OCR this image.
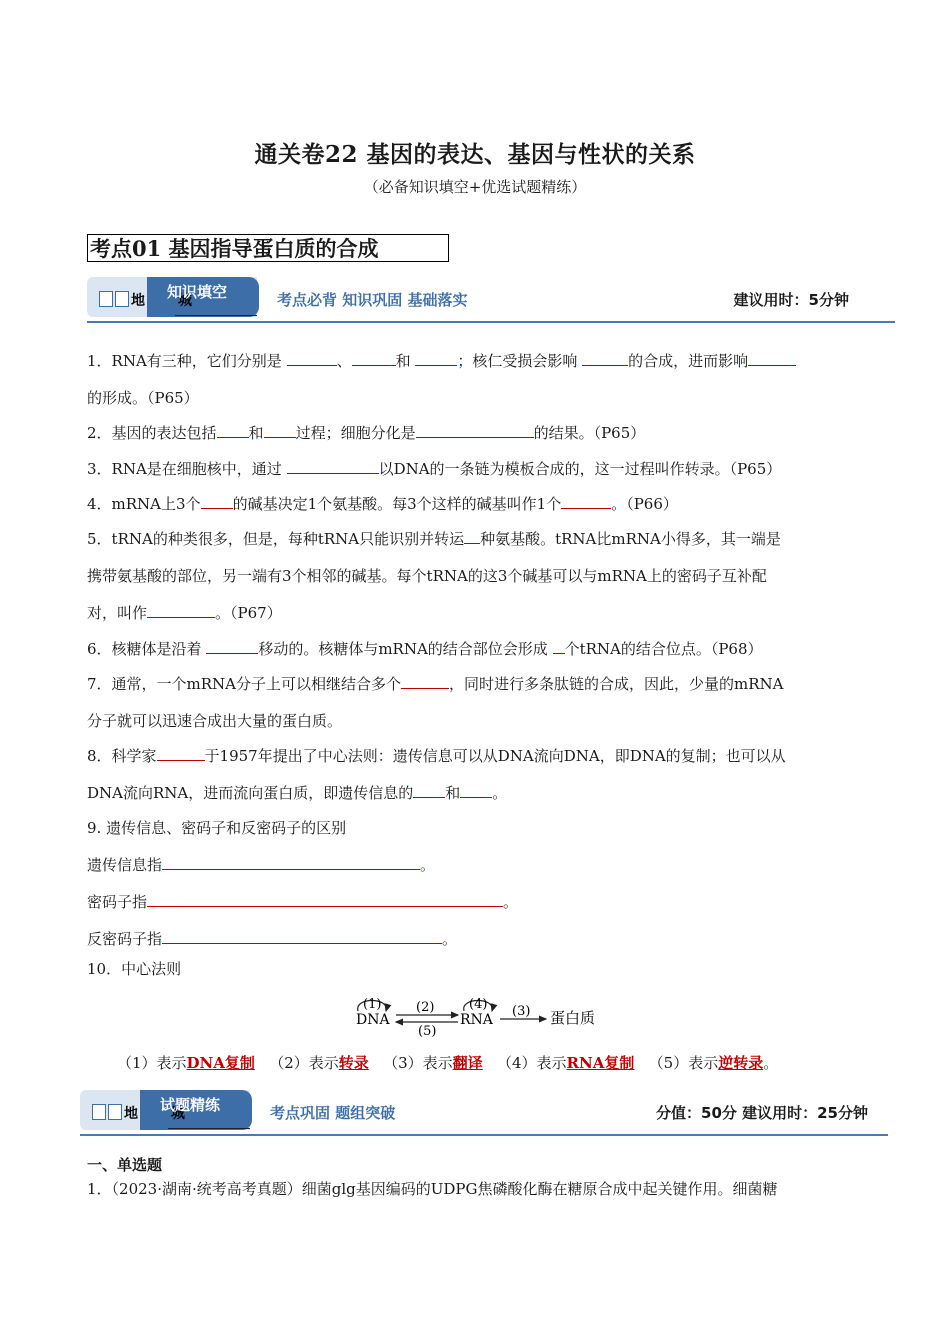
通关卷22 基因的表达、基因与性状的关系
（必备知识填空+优选试题精练）
考点01 基因指导蛋白质的合成
地 城
知识填空	考点必背 知识巩固 基础落实	建议用时：5分钟
1．RNA有三种，它们分别是	、	和	；核仁受损会影响	的合成，进而影响
的形成。（P65）
2．基因的表达包括 和 过程；细胞分化是	的结果。（P65）
3．RNA是在细胞核中，通过	以DNA的一条链为模板合成的，这一过程叫作转录。（P65）
4．mRNA上3个 的碱基决定1个氨基酸。每3个这样的碱基叫作1个	。（P66）
5．tRNA的种类很多，但是，每种tRNA只能识别并转运 种氨基酸。tRNA比mRNA小得多，其一端是
携带氨基酸的部位，另一端有3个相邻的碱基。每个tRNA的这3个碱基可以与mRNA上的密码子互补配
对，叫作	。（P67）
6．核糖体是沿着	移动的。核糖体与mRNA的结合部位会形成 个tRNA的结合位点。（P68）
7．通常，一个mRNA分子上可以相继结合多个	，同时进行多条肽链的合成，因此，少量的mRNA
分子就可以迅速合成出大量的蛋白质。
8．科学家	于1957年提出了中心法则：遗传信息可以从DNA流向DNA，即DNA的复制；也可以从
DNA流向RNA，进而流向蛋白质，即遗传信息的 和 。
9. 遗传信息、密码子和反密码子的区别
遗传信息指	。
密码子指	。
反密码子指	。
10．中心法则
(1)
DNA
(2)
(5)
(4)
RNA
(3) 蛋白质
（1）表示DNA复制 （2）表示转录 （3）表示翻译 （4）表示RNA复制 （5）表示逆转录。
地 城
试题精练	考点巩固 题组突破	分值：50分 建议用时：25分钟
一、单选题
1．（2023·湖南·统考高考真题）细菌glg基因编码的UDPG焦磷酸化酶在糖原合成中起关键作用。细菌糖
